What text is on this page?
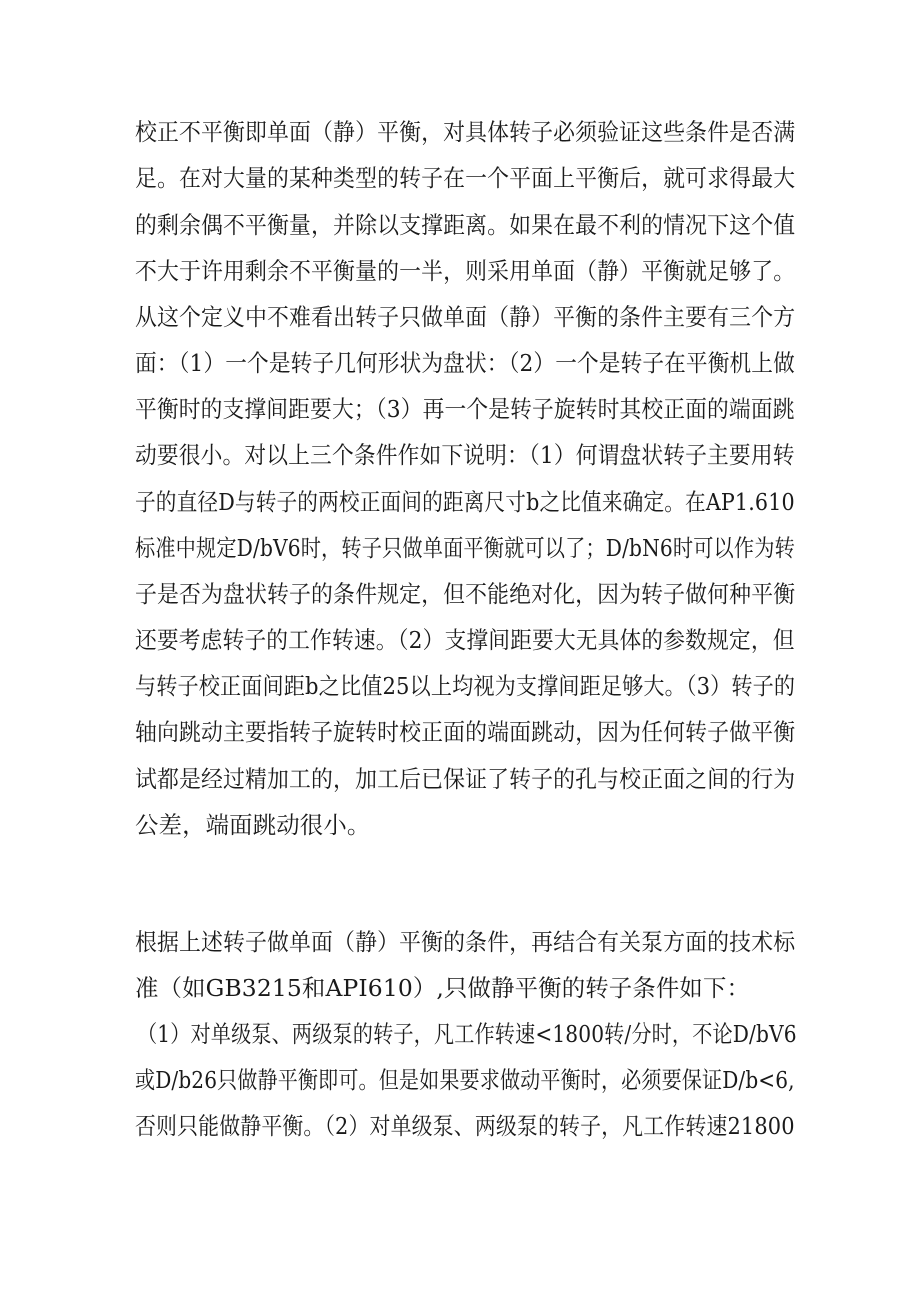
校正不平衡即单面（静）平衡，对具体转子必须验证这些条件是否满
足。在对大量的某种类型的转子在一个平面上平衡后，就可求得最大
的剩余偶不平衡量，并除以支撑距离。如果在最不利的情况下这个值
不大于许用剩余不平衡量的一半，则采用单面（静）平衡就足够了。
从这个定义中不难看出转子只做单面（静）平衡的条件主要有三个方
面：（1）一个是转子几何形状为盘状：（2）一个是转子在平衡机上做
平衡时的支撑间距要大；（3）再一个是转子旋转时其校正面的端面跳
动要很小。对以上三个条件作如下说明：（1）何谓盘状转子主要用转
子的直径D与转子的两校正面间的距离尺寸b之比值来确定。在AP1.610
标准中规定D/bV6时，转子只做单面平衡就可以了；D/bN6时可以作为转
子是否为盘状转子的条件规定，但不能绝对化，因为转子做何种平衡
还要考虑转子的工作转速。（2）支撑间距要大无具体的参数规定，但
与转子校正面间距b之比值25以上均视为支撑间距足够大。（3）转子的
轴向跳动主要指转子旋转时校正面的端面跳动，因为任何转子做平衡
试都是经过精加工的，加工后已保证了转子的孔与校正面之间的行为
公差，端面跳动很小。
根据上述转子做单面（静）平衡的条件，再结合有关泵方面的技术标
准（如GB3215和API610）,只做静平衡的转子条件如下：
（1）对单级泵、两级泵的转子，凡工作转速<1800转/分时，不论D/bV6
或D/b26只做静平衡即可。但是如果要求做动平衡时，必须要保证D/b<6,
否则只能做静平衡。（2）对单级泵、两级泵的转子，凡工作转速21800
